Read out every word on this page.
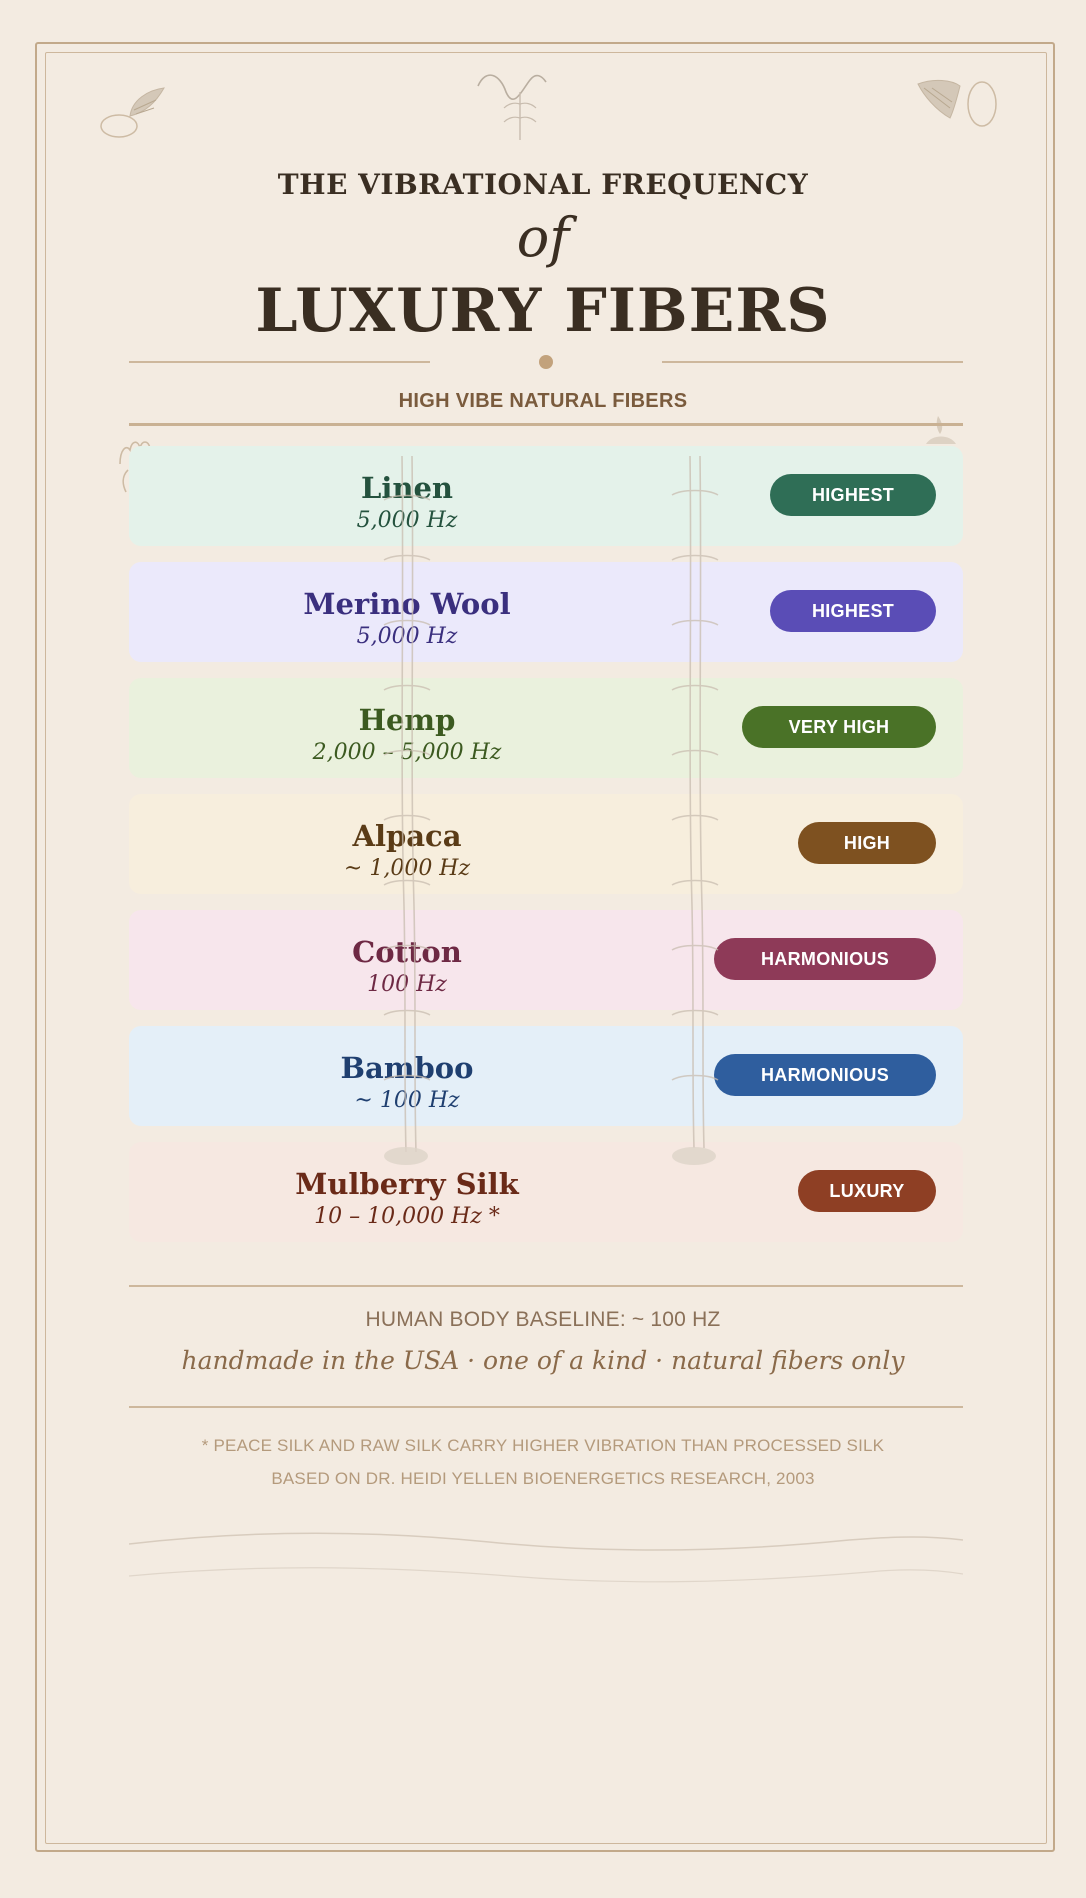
THE VIBRATIONAL FREQUENCY
of
LUXURY FIBERS
HIGH VIBE NATURAL FIBERS
Linen
5,000 Hz
HIGHEST
Merino Wool
5,000 Hz
HIGHEST
Hemp
2,000 – 5,000 Hz
VERY HIGH
Alpaca
~ 1,000 Hz
HIGH
Cotton
100 Hz
HARMONIOUS
Bamboo
~ 100 Hz
HARMONIOUS
Mulberry Silk
10 – 10,000 Hz *
LUXURY
HUMAN BODY BASELINE: ~ 100 HZ
handmade in the USA · one of a kind · natural fibers only
* PEACE SILK AND RAW SILK CARRY HIGHER VIBRATION THAN PROCESSED SILK
BASED ON DR. HEIDI YELLEN BIOENERGETICS RESEARCH, 2003
